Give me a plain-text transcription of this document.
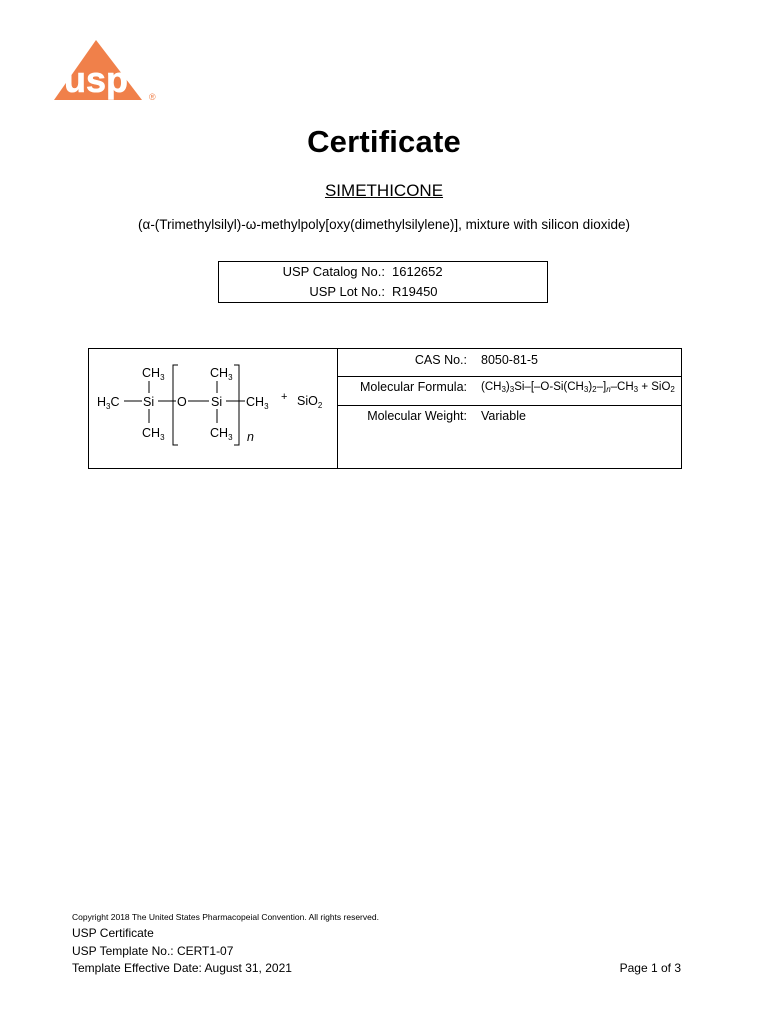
usp ®
Certificate
SIMETHICONE
(α-(Trimethylsilyl)-ω-methylpoly[oxy(dimethylsilylene)], mixture with silicon dioxide)
USP Catalog No.: 1612652
USP Lot No.: R19450
$CH_3$
$H_3C$ Si
$CH_3$
O
$CH_3$
Si
$CH_3$
$CH_3$
n
+ SiO$_2$
CAS No.: 8050-81-5
Molecular Formula: $(CH_3)_3Si-[-O-Si(CH_3)_2-]_n-CH_3 + SiO_2$
Molecular Weight: Variable
Copyright 2018 The United States Pharmacopeial Convention. All rights reserved.
USP Certificate
USP Template No.: CERT1-07
Template Effective Date: August 31, 2021	Page 1 of 3
